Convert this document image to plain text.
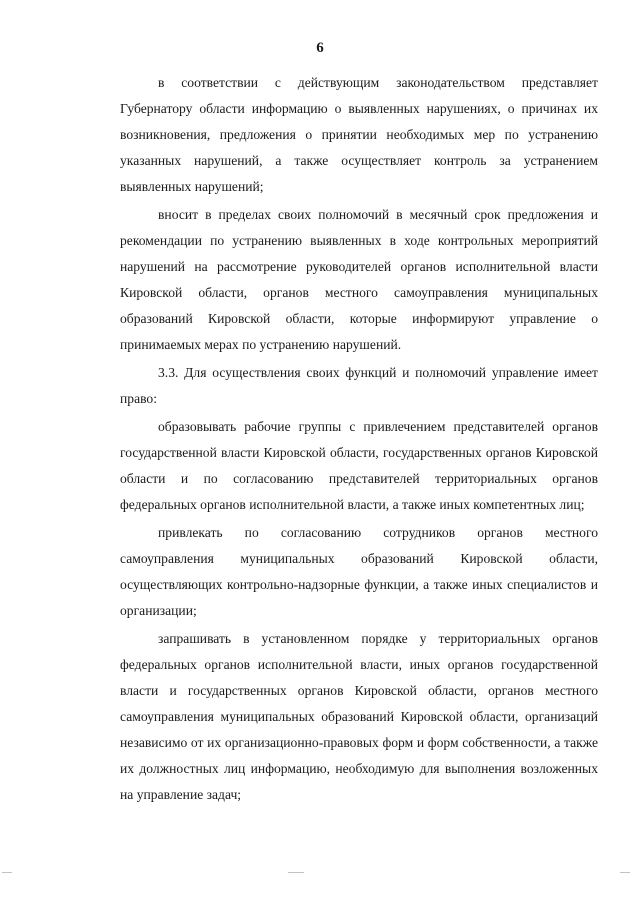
6

в соответствии с действующим законодательством представляет Губернатору области информацию о выявленных нарушениях, о причинах их возникновения, предложения о принятии необходимых мер по устранению указанных нарушений, а также осуществляет контроль за устранением выявленных нарушений;

вносит в пределах своих полномочий в месячный срок предложения и рекомендации по устранению выявленных в ходе контрольных мероприятий нарушений на рассмотрение руководителей органов исполнительной власти Кировской области, органов местного самоуправления муниципальных образований Кировской области, которые информируют управление о принимаемых мерах по устранению нарушений.

3.3. Для осуществления своих функций и полномочий управление имеет право:

образовывать рабочие группы с привлечением представителей органов государственной власти Кировской области, государственных органов Кировской области и по согласованию представителей территориальных органов федеральных органов исполнительной власти, а также иных компетентных лиц;

привлекать по согласованию сотрудников органов местного самоуправления муниципальных образований Кировской области, осуществляющих контрольно-надзорные функции, а также иных специалистов и организации;

запрашивать в установленном порядке у территориальных органов федеральных органов исполнительной власти, иных органов государственной власти и государственных органов Кировской области, органов местного самоуправления муниципальных образований Кировской области, организаций независимо от их организационно-правовых форм и форм собственности, а также их должностных лиц информацию, необходимую для выполнения возложенных на управление задач;
